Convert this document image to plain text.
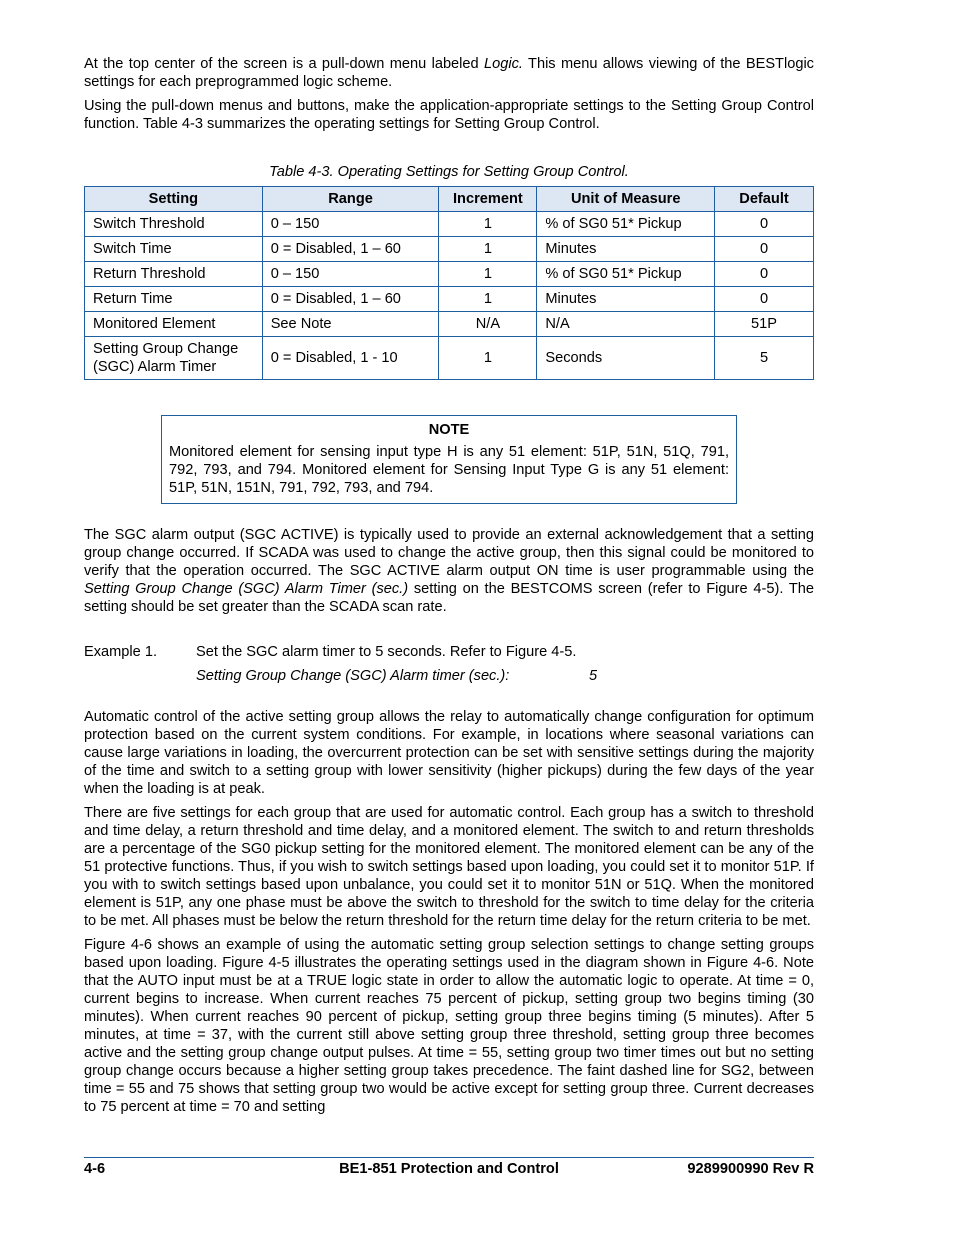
At the top center of the screen is a pull-down menu labeled Logic. This menu allows viewing of the BESTlogic settings for each preprogrammed logic scheme.

Using the pull-down menus and buttons, make the application-appropriate settings to the Setting Group Control function. Table 4-3 summarizes the operating settings for Setting Group Control.

Table 4-3. Operating Settings for Setting Group Control.
Setting	Range	Increment	Unit of Measure	Default
Switch Threshold	0 – 150	1	% of SG0 51* Pickup	0
Switch Time	0 = Disabled, 1 – 60	1	Minutes	0
Return Threshold	0 – 150	1	% of SG0 51* Pickup	0
Return Time	0 = Disabled, 1 – 60	1	Minutes	0
Monitored Element	See Note	N/A	N/A	51P
Setting Group Change (SGC) Alarm Timer	0 = Disabled, 1 - 10	1	Seconds	5
NOTE
Monitored element for sensing input type H is any 51 element: 51P, 51N, 51Q, 791, 792, 793, and 794. Monitored element for Sensing Input Type G is any 51 element: 51P, 51N, 151N, 791, 792, 793, and 794.

The SGC alarm output (SGC ACTIVE) is typically used to provide an external acknowledgement that a setting group change occurred. If SCADA was used to change the active group, then this signal could be monitored to verify that the operation occurred. The SGC ACTIVE alarm output ON time is user programmable using the Setting Group Change (SGC) Alarm Timer (sec.) setting on the BESTCOMS screen (refer to Figure 4-5). The setting should be set greater than the SCADA scan rate.

Example 1.	Set the SGC alarm timer to 5 seconds. Refer to Figure 4-5.
Setting Group Change (SGC) Alarm timer (sec.):	5

Automatic control of the active setting group allows the relay to automatically change configuration for optimum protection based on the current system conditions. For example, in locations where seasonal variations can cause large variations in loading, the overcurrent protection can be set with sensitive settings during the majority of the time and switch to a setting group with lower sensitivity (higher pickups) during the few days of the year when the loading is at peak.

There are five settings for each group that are used for automatic control. Each group has a switch to threshold and time delay, a return threshold and time delay, and a monitored element. The switch to and return thresholds are a percentage of the SG0 pickup setting for the monitored element. The monitored element can be any of the 51 protective functions. Thus, if you wish to switch settings based upon loading, you could set it to monitor 51P. If you with to switch settings based upon unbalance, you could set it to monitor 51N or 51Q. When the monitored element is 51P, any one phase must be above the switch to threshold for the switch to time delay for the criteria to be met. All phases must be below the return threshold for the return time delay for the return criteria to be met.

Figure 4-6 shows an example of using the automatic setting group selection settings to change setting groups based upon loading. Figure 4-5 illustrates the operating settings used in the diagram shown in Figure 4-6. Note that the AUTO input must be at a TRUE logic state in order to allow the automatic logic to operate. At time = 0, current begins to increase. When current reaches 75 percent of pickup, setting group two begins timing (30 minutes). When current reaches 90 percent of pickup, setting group three begins timing (5 minutes). After 5 minutes, at time = 37, with the current still above setting group three threshold, setting group three becomes active and the setting group change output pulses. At time = 55, setting group two timer times out but no setting group change occurs because a higher setting group takes precedence. The faint dashed line for SG2, between time = 55 and 75 shows that setting group two would be active except for setting group three. Current decreases to 75 percent at time = 70 and setting

BE1-851 Protection and Control
4-6	9289900990 Rev R
